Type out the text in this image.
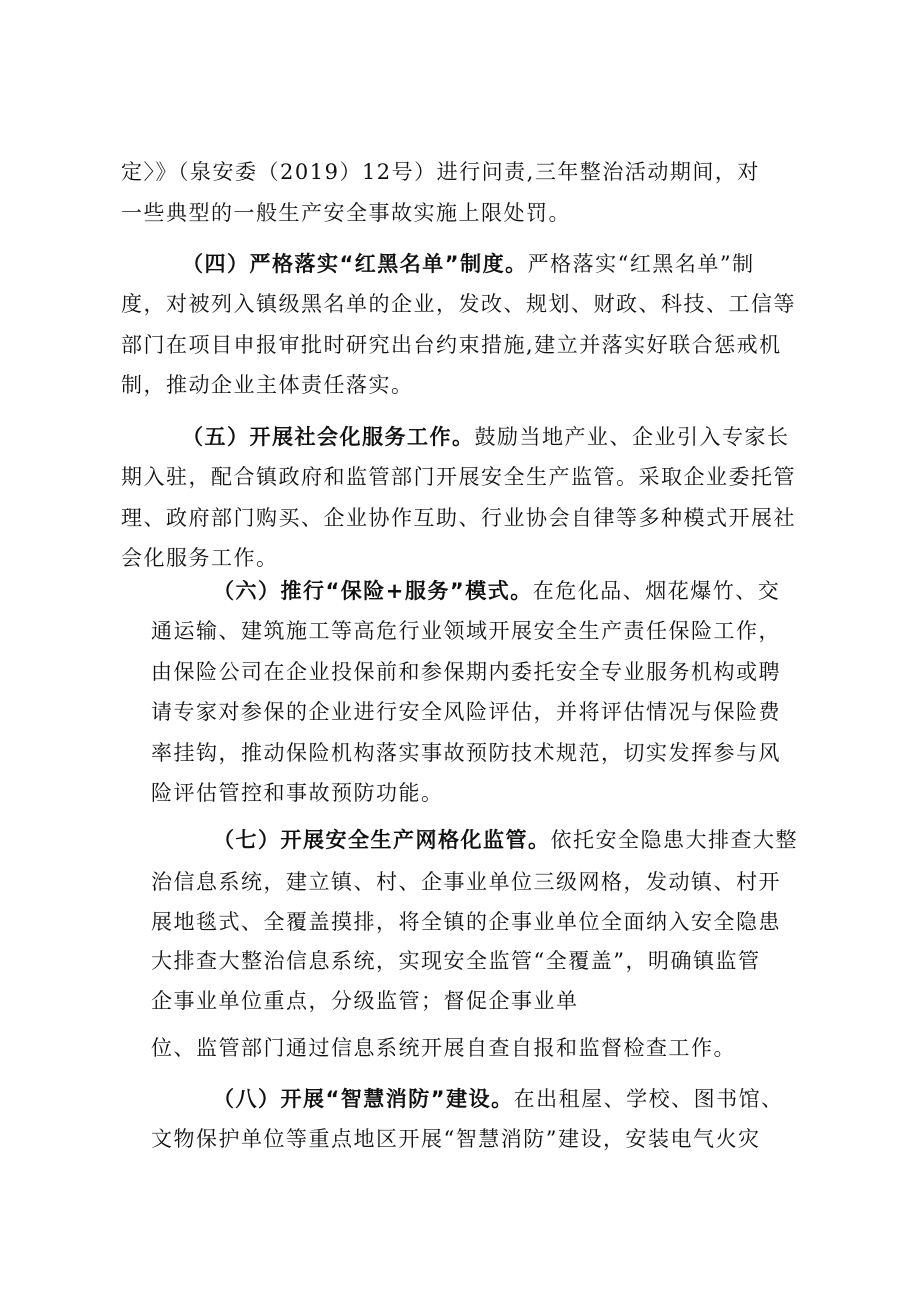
定〉》（泉安委（2019）12号）进行问责,三年整治活动期间，对
一些典型的一般生产安全事故实施上限处罚。
（四）严格落实“红黑名单”制度。严格落实“红黑名单”制
度，对被列入镇级黑名单的企业，发改、规划、财政、科技、工信等
部门在项目申报审批时研究出台约束措施,建立并落实好联合惩戒机
制，推动企业主体责任落实。
（五）开展社会化服务工作。鼓励当地产业、企业引入专家长
期入驻，配合镇政府和监管部门开展安全生产监管。采取企业委托管
理、政府部门购买、企业协作互助、行业协会自律等多种模式开展社
会化服务工作。
（六）推行“保险+服务”模式。在危化品、烟花爆竹、交
通运输、建筑施工等高危行业领域开展安全生产责任保险工作，
由保险公司在企业投保前和参保期内委托安全专业服务机构或聘
请专家对参保的企业进行安全风险评估，并将评估情况与保险费
率挂钩，推动保险机构落实事故预防技术规范，切实发挥参与风
险评估管控和事故预防功能。
（七）开展安全生产网格化监管。依托安全隐患大排查大整
治信息系统，建立镇、村、企事业单位三级网格，发动镇、村开
展地毯式、全覆盖摸排，将全镇的企事业单位全面纳入安全隐患
大排查大整治信息系统，实现安全监管“全覆盖”，明确镇监管
企事业单位重点，分级监管；督促企事业单
位、监管部门通过信息系统开展自查自报和监督检查工作。
（八）开展“智慧消防”建设。在出租屋、学校、图书馆、
文物保护单位等重点地区开展“智慧消防”建设，安装电气火灾
